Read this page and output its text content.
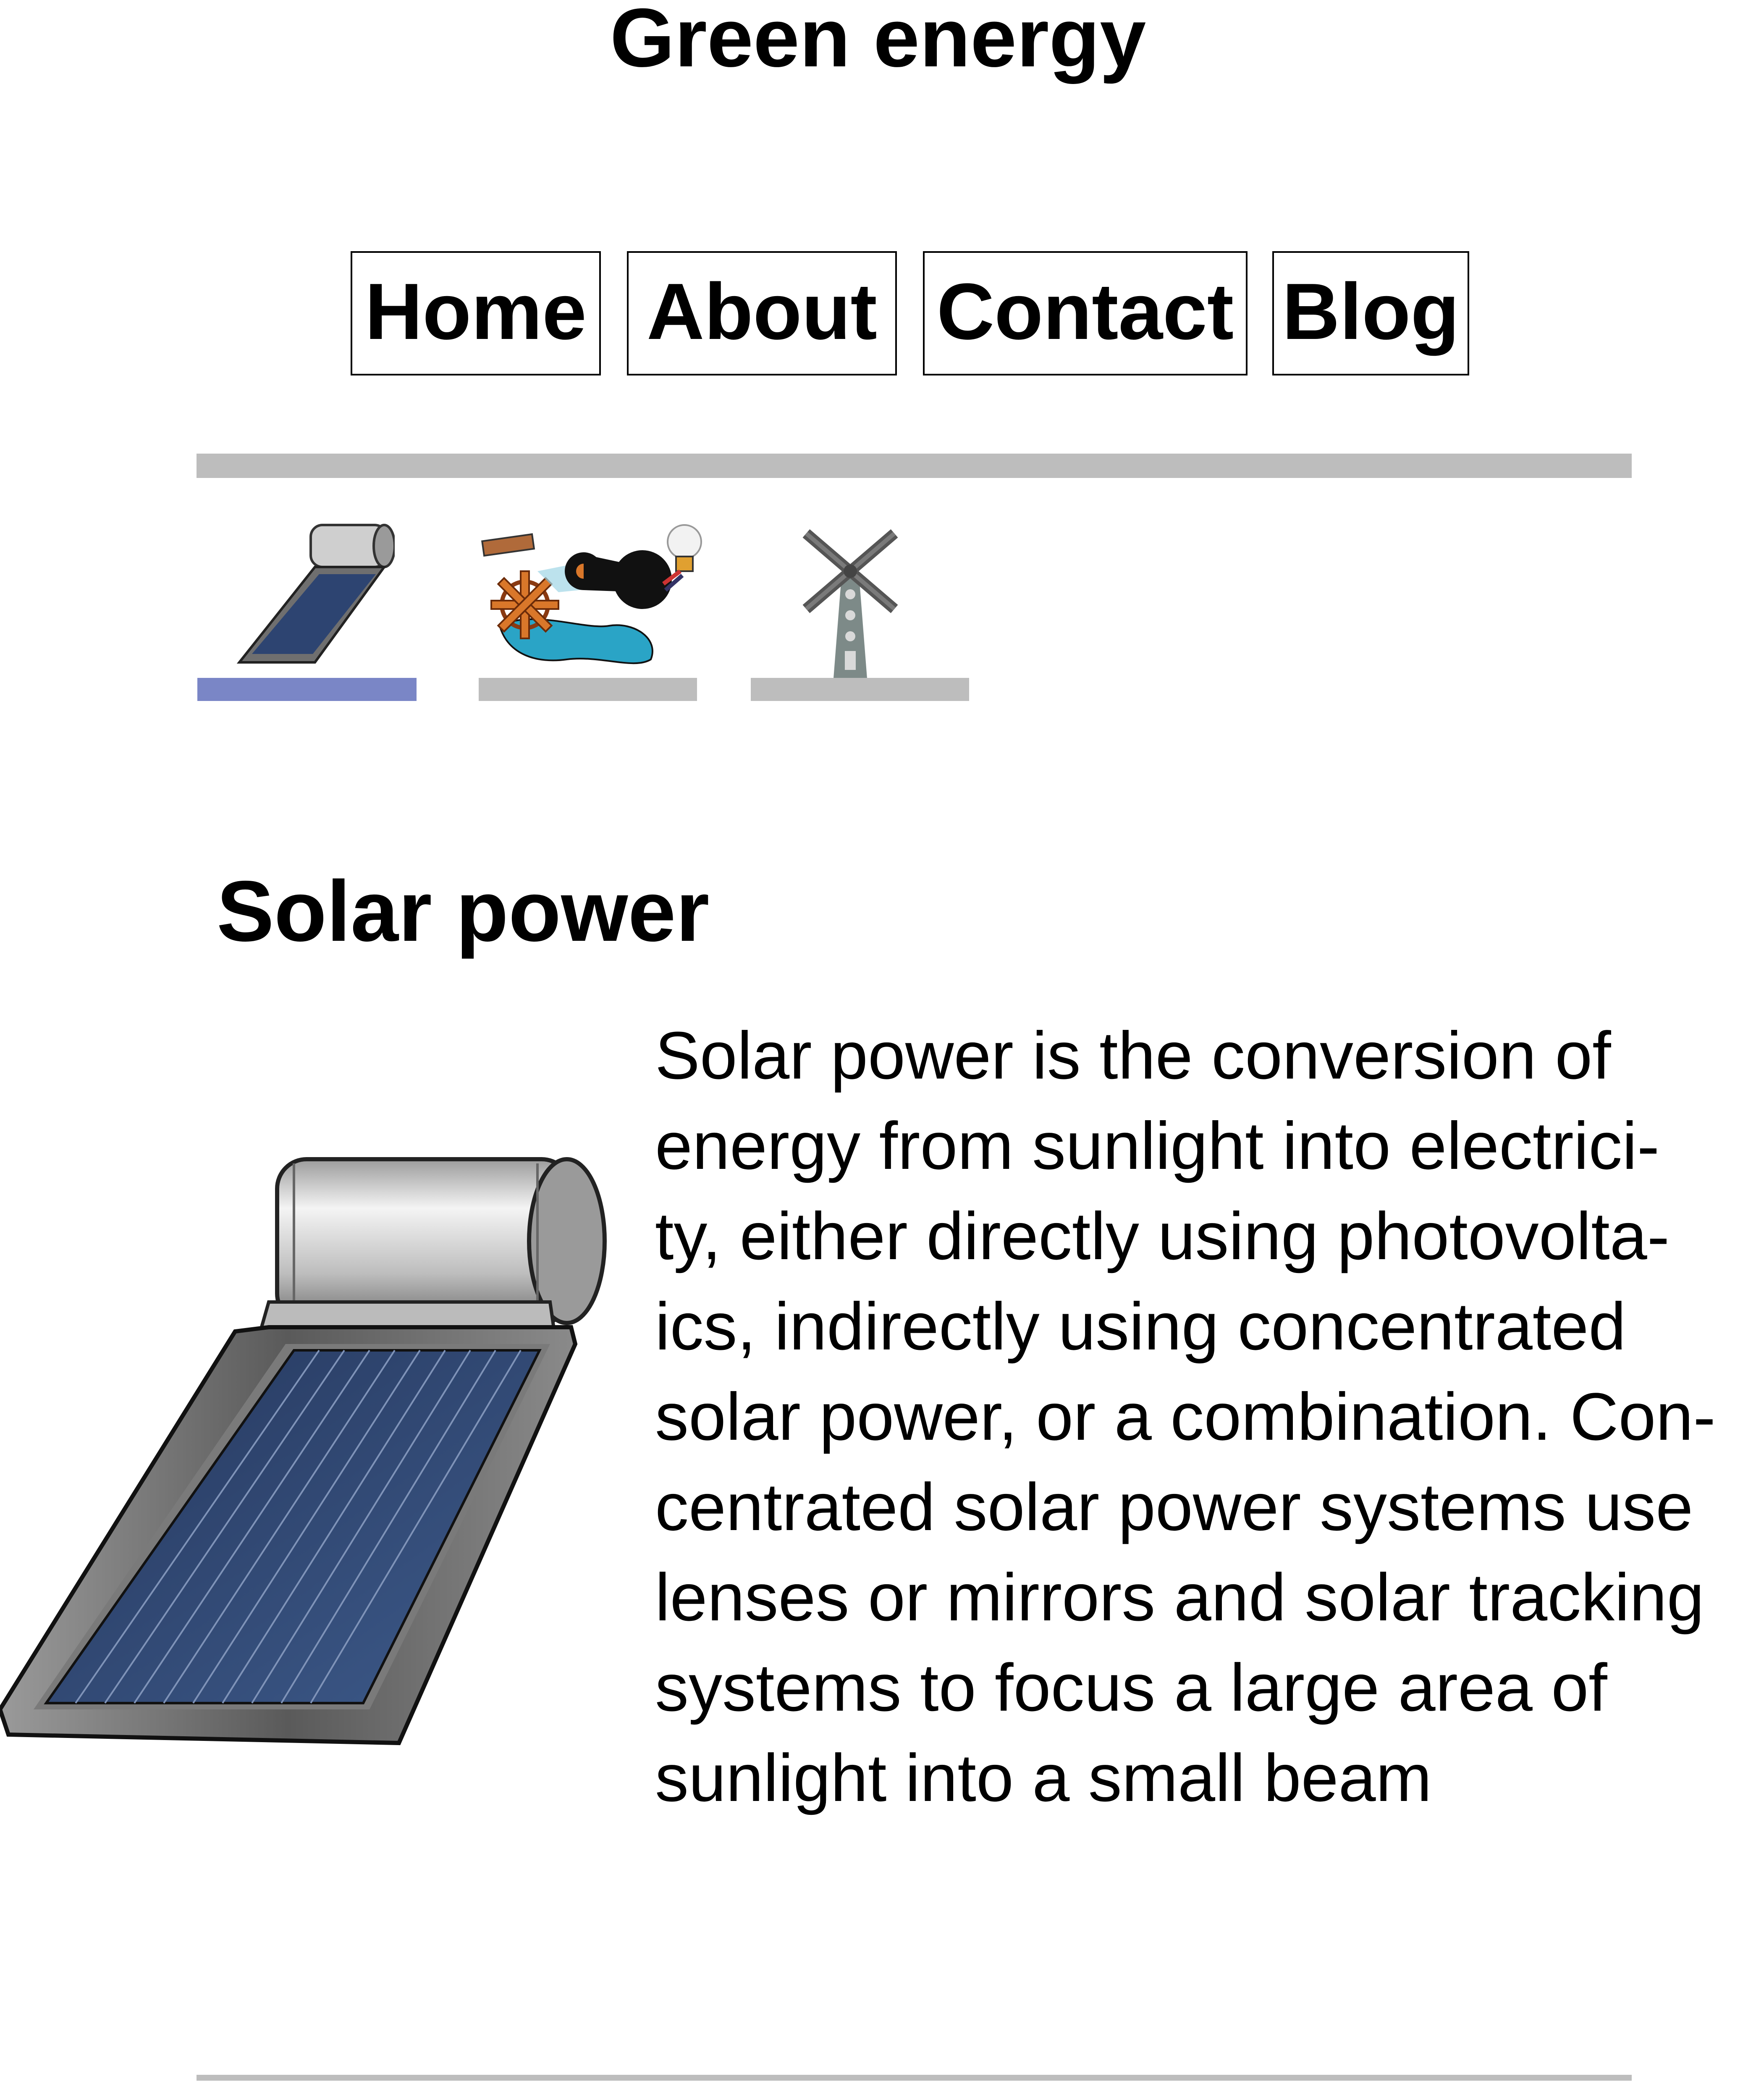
Green energy
Home About Contact Blog
Solar power

Solar power is the conversion of
energy from sunlight into electrici-
ty, either directly using photovolta-
ics, indirectly using concentrated
solar power, or a combination. Con-
centrated solar power systems use
lenses or mirrors and solar tracking
systems to focus a large area of
sunlight into a small beam
